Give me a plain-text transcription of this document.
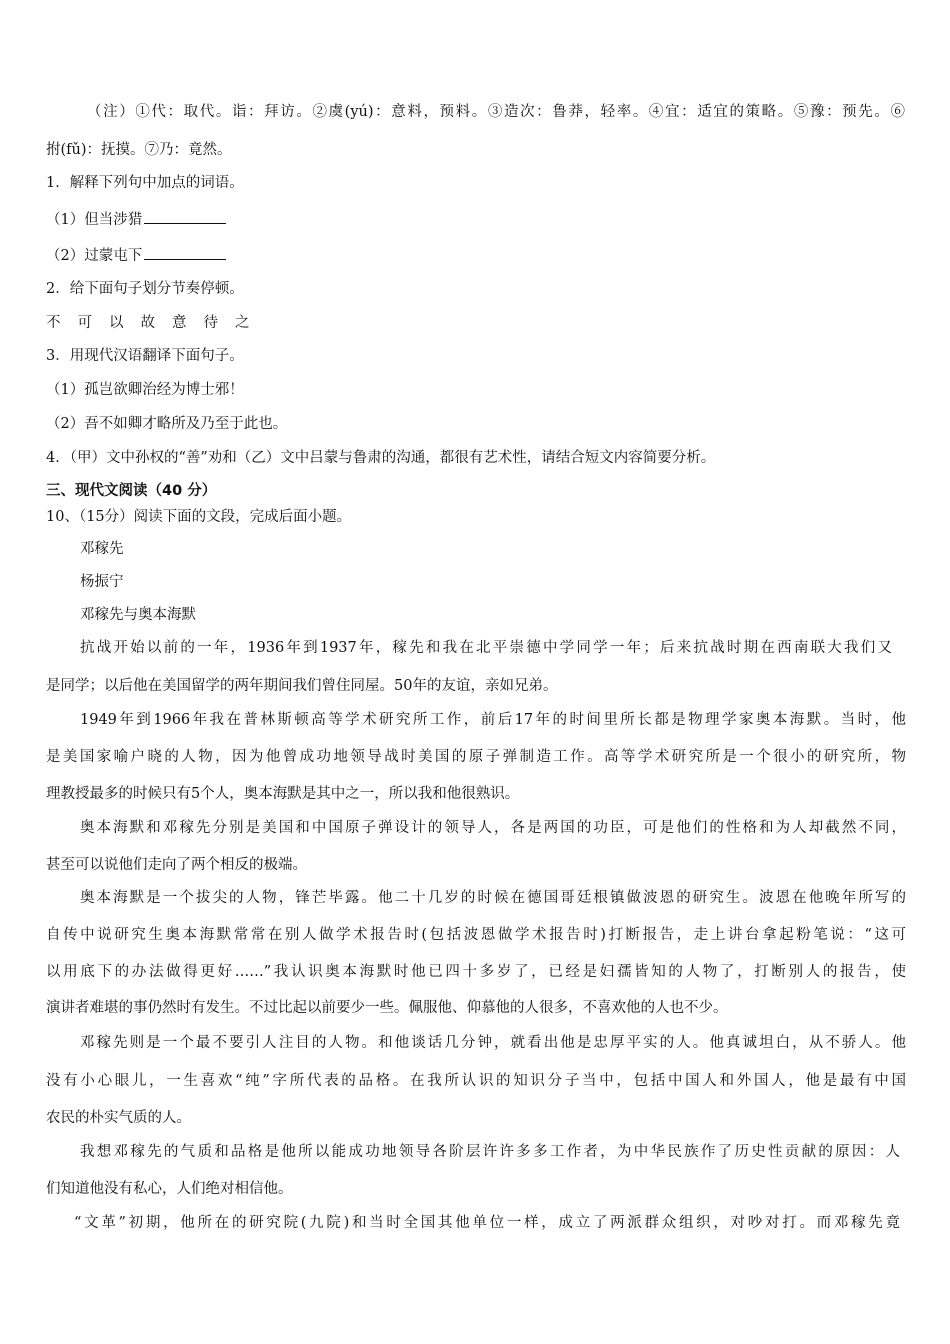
（注）①代：取代。诣：拜访。②虞(yú)：意料，预料。③造次：鲁莽，轻率。④宜：适宜的策略。⑤豫：预先。⑥
拊(fǔ)：抚摸。⑦乃：竟然。
1．解释下列句中加点的词语。
（1）但当涉猎
（2）过蒙屯下
2．给下面句子划分节奏停顿。
不可以故意待之
3．用现代汉语翻译下面句子。
（1）孤岂欲卿治经为博士邪！
（2）吾不如卿才略所及乃至于此也。
4．（甲）文中孙权的“善”劝和（乙）文中吕蒙与鲁肃的沟通，都很有艺术性，请结合短文内容简要分析。
三、现代文阅读（40 分）
10、（15分）阅读下面的文段，完成后面小题。
邓稼先
杨振宁
邓稼先与奥本海默
抗战开始以前的一年，1936年到1937年，稼先和我在北平崇德中学同学一年；后来抗战时期在西南联大我们又
是同学；以后他在美国留学的两年期间我们曾住同屋。50年的友谊，亲如兄弟。
1949年到1966年我在普林斯顿高等学术研究所工作，前后17年的时间里所长都是物理学家奥本海默。当时，他
是美国家喻户晓的人物，因为他曾成功地领导战时美国的原子弹制造工作。高等学术研究所是一个很小的研究所，物
理教授最多的时候只有5个人，奥本海默是其中之一，所以我和他很熟识。
奥本海默和邓稼先分别是美国和中国原子弹设计的领导人，各是两国的功臣，可是他们的性格和为人却截然不同，
甚至可以说他们走向了两个相反的极端。
奥本海默是一个拔尖的人物，锋芒毕露。他二十几岁的时候在德国哥廷根镇做波恩的研究生。波恩在他晚年所写的
自传中说研究生奥本海默常常在别人做学术报告时(包括波恩做学术报告时)打断报告，走上讲台拿起粉笔说：“这可
以用底下的办法做得更好……”我认识奥本海默时他已四十多岁了，已经是妇孺皆知的人物了，打断别人的报告，使
演讲者难堪的事仍然时有发生。不过比起以前要少一些。佩服他、仰慕他的人很多，不喜欢他的人也不少。
邓稼先则是一个最不要引人注目的人物。和他谈话几分钟，就看出他是忠厚平实的人。他真诚坦白，从不骄人。他
没有小心眼儿，一生喜欢“纯”字所代表的品格。在我所认识的知识分子当中，包括中国人和外国人，他是最有中国
农民的朴实气质的人。
我想邓稼先的气质和品格是他所以能成功地领导各阶层许许多多工作者，为中华民族作了历史性贡献的原因：人
们知道他没有私心，人们绝对相信他。
“文革”初期，他所在的研究院(九院)和当时全国其他单位一样，成立了两派群众组织，对吵对打。而邓稼先竟
